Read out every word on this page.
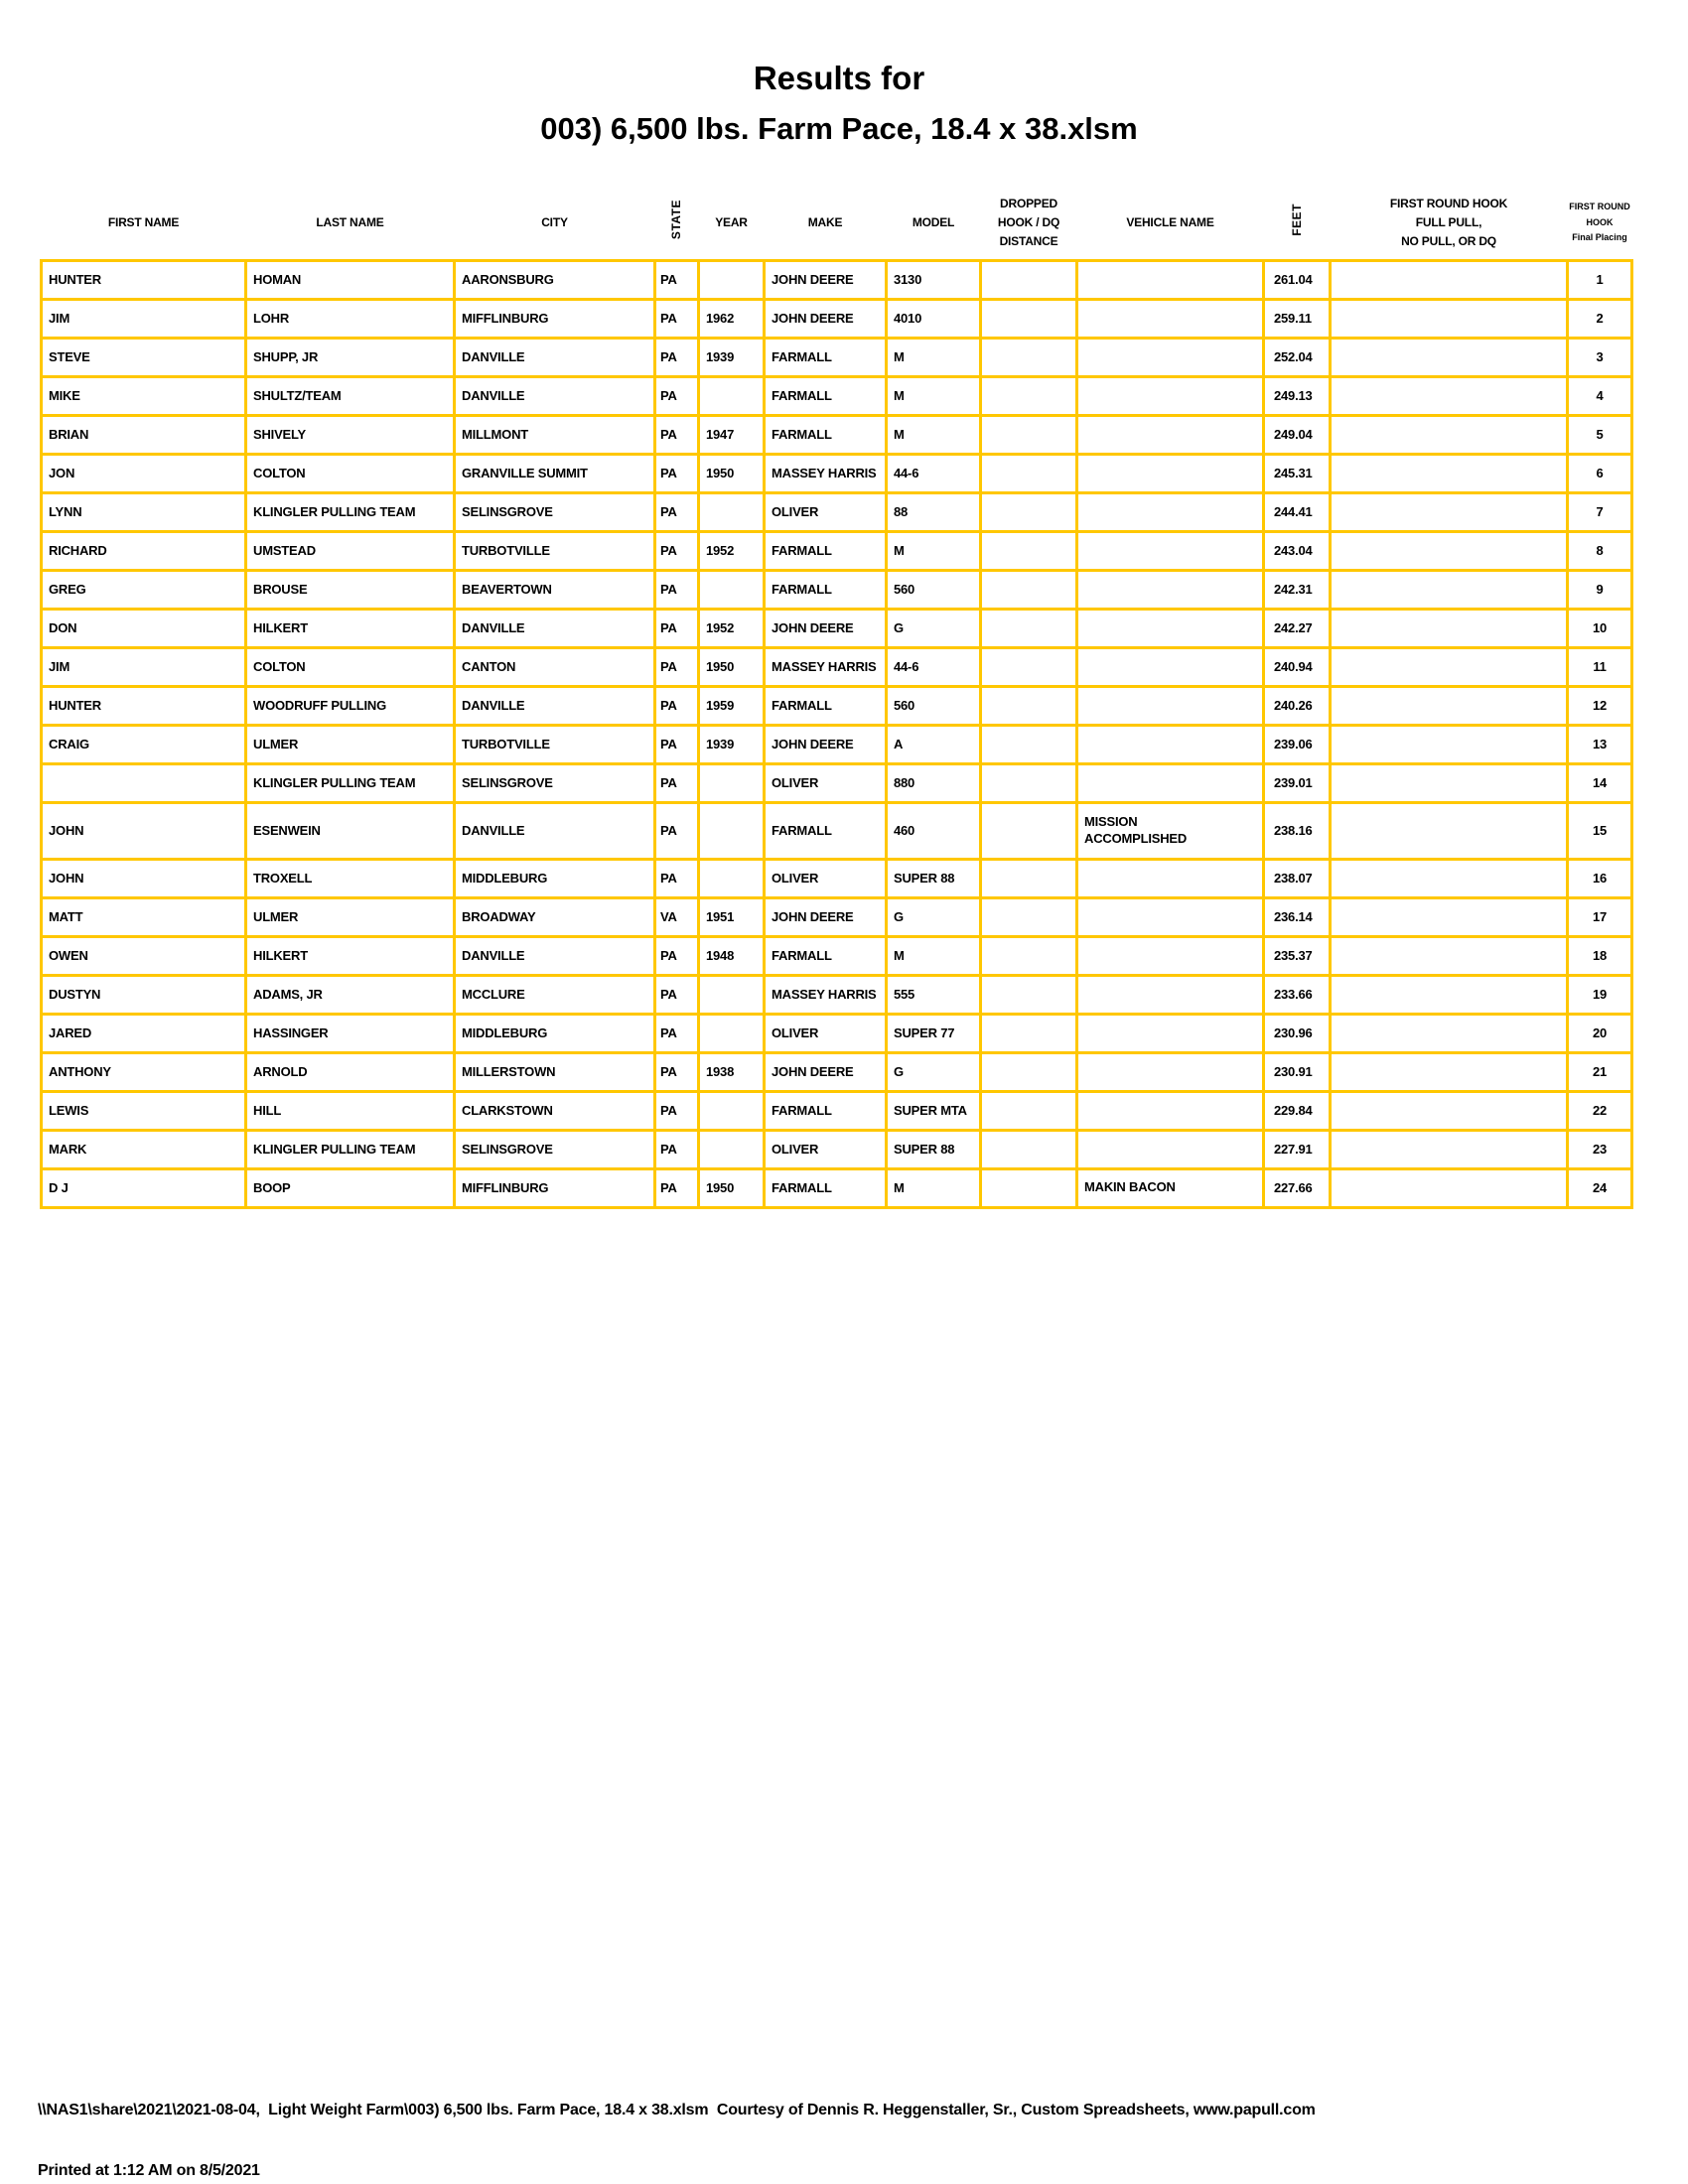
Results for
003) 6,500 lbs. Farm Pace, 18.4 x 38.xlsm
FIRST NAME	LAST NAME	CITY	STATE	YEAR	MAKE	MODEL	DROPPED
HOOK / DQ
DISTANCE	VEHICLE NAME	FEET	FIRST ROUND HOOK
FULL PULL,
NO PULL, OR DQ	FIRST ROUND
HOOK
Final Placing

HUNTER	HOMAN	AARONSBURG	PA		JOHN DEERE	3130			261.04		1

JIM	LOHR	MIFFLINBURG	PA	1962	JOHN DEERE	4010			259.11		2

STEVE	SHUPP, JR	DANVILLE	PA	1939	FARMALL	M			252.04		3

MIKE	SHULTZ/TEAM	DANVILLE	PA		FARMALL	M			249.13		4

BRIAN	SHIVELY	MILLMONT	PA	1947	FARMALL	M			249.04		5

JON	COLTON	GRANVILLE SUMMIT	PA	1950	MASSEY HARRIS	44-6			245.31		6

LYNN	KLINGLER PULLING TEAM	SELINSGROVE	PA		OLIVER	88			244.41		7

RICHARD	UMSTEAD	TURBOTVILLE	PA	1952	FARMALL	M			243.04		8

GREG	BROUSE	BEAVERTOWN	PA		FARMALL	560			242.31		9

DON	HILKERT	DANVILLE	PA	1952	JOHN DEERE	G			242.27		10

JIM	COLTON	CANTON	PA	1950	MASSEY HARRIS	44-6			240.94		11

HUNTER	WOODRUFF PULLING	DANVILLE	PA	1959	FARMALL	560			240.26		12

CRAIG	ULMER	TURBOTVILLE	PA	1939	JOHN DEERE	A			239.06		13

	KLINGLER PULLING TEAM	SELINSGROVE	PA		OLIVER	880			239.01		14

JOHN	ESENWEIN	DANVILLE	PA		FARMALL	460		MISSION ACCOMPLISHED	238.16		15

JOHN	TROXELL	MIDDLEBURG	PA		OLIVER	SUPER 88			238.07		16

MATT	ULMER	BROADWAY	VA	1951	JOHN DEERE	G			236.14		17

OWEN	HILKERT	DANVILLE	PA	1948	FARMALL	M			235.37		18

DUSTYN	ADAMS, JR	MCCLURE	PA		MASSEY HARRIS	555			233.66		19

JARED	HASSINGER	MIDDLEBURG	PA		OLIVER	SUPER 77			230.96		20

ANTHONY	ARNOLD	MILLERSTOWN	PA	1938	JOHN DEERE	G			230.91		21

LEWIS	HILL	CLARKSTOWN	PA		FARMALL	SUPER MTA			229.84		22

MARK	KLINGLER PULLING TEAM	SELINSGROVE	PA		OLIVER	SUPER 88			227.91		23

D J	BOOP	MIFFLINBURG	PA	1950	FARMALL	M		MAKIN BACON	227.66		24

\\NAS1\share\2021\2021-08-04,  Light Weight Farm\003) 6,500 lbs. Farm Pace, 18.4 x 38.xlsm  Courtesy of Dennis R. Heggenstaller, Sr., Custom Spreadsheets, www.papull.com

Printed at 1:12 AM on 8/5/2021
